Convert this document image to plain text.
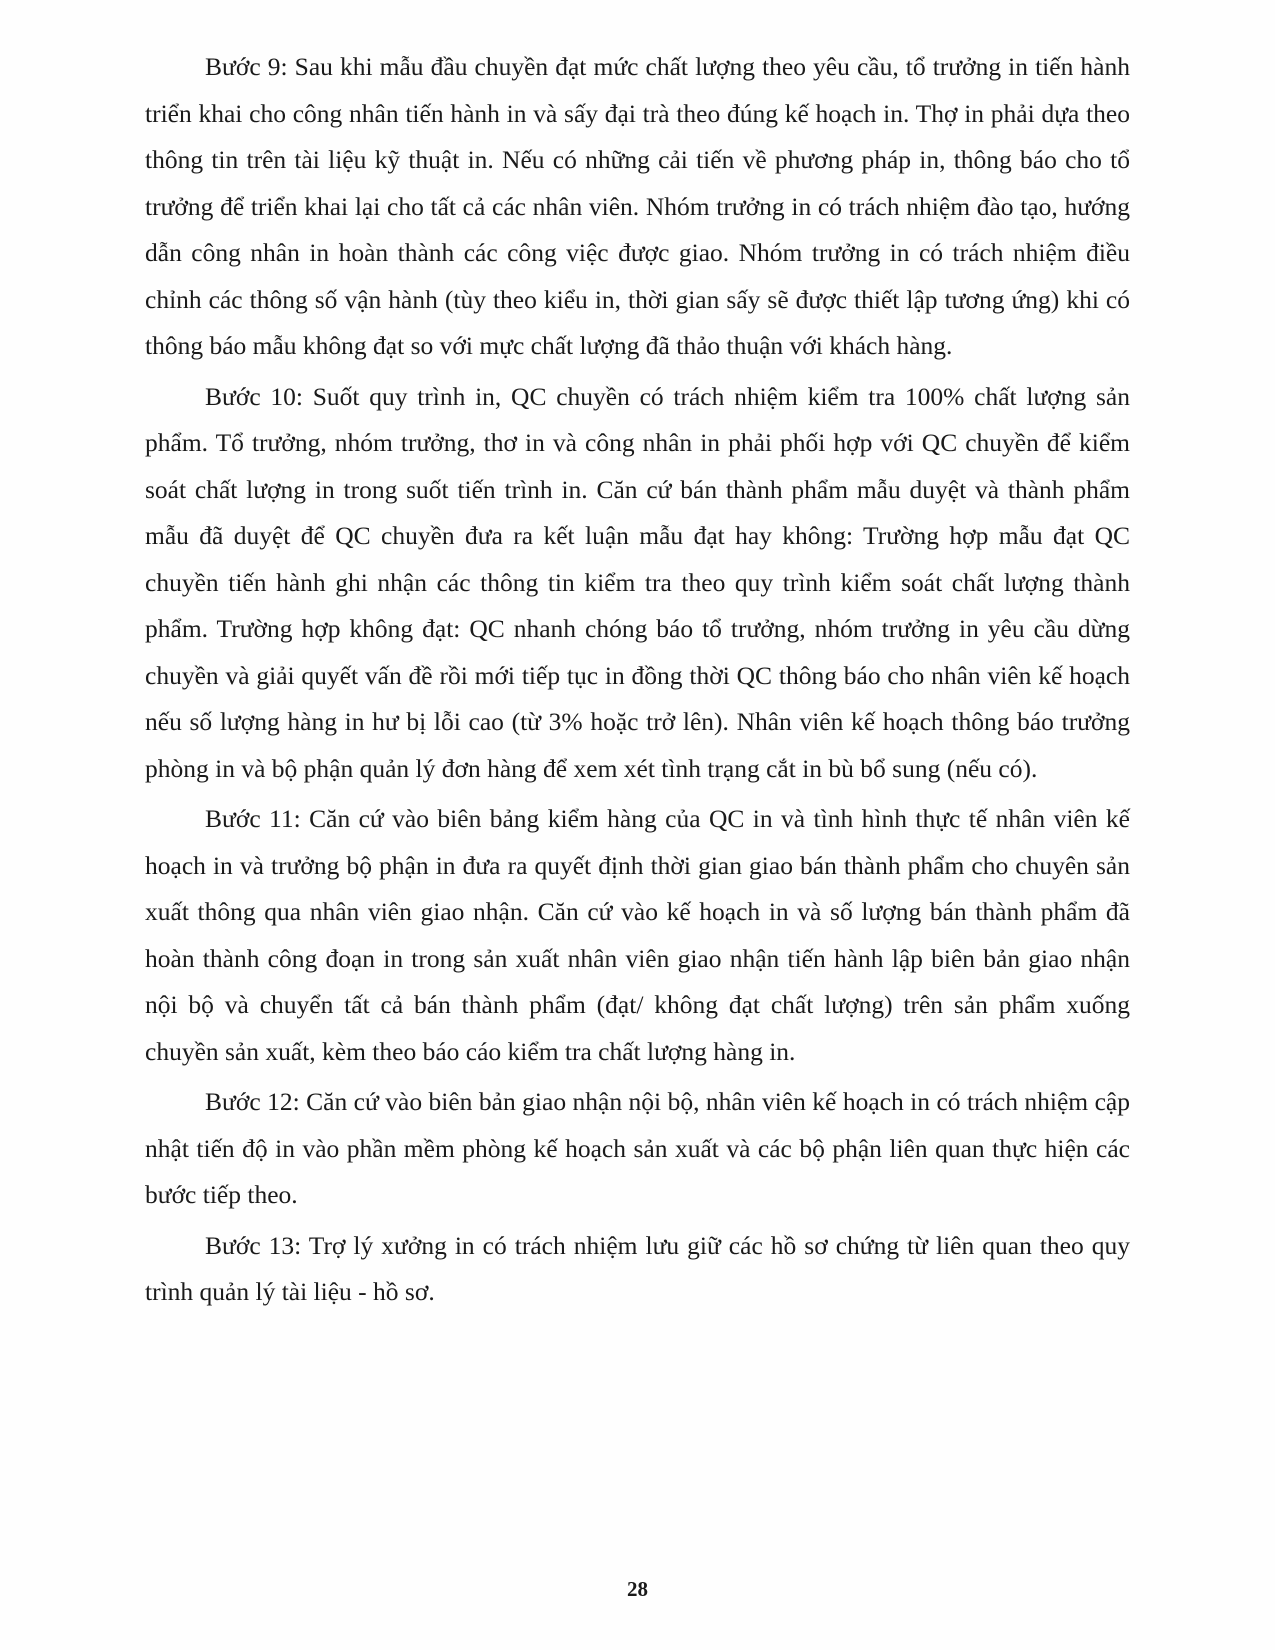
Bước 9: Sau khi mẫu đầu chuyền đạt mức chất lượng theo yêu cầu, tổ trưởng in tiến hành triển khai cho công nhân tiến hành in và sấy đại trà theo đúng kế hoạch in. Thợ in phải dựa theo thông tin trên tài liệu kỹ thuật in. Nếu có những cải tiến về phương pháp in, thông báo cho tổ trưởng để triển khai lại cho tất cả các nhân viên. Nhóm trưởng in có trách nhiệm đào tạo, hướng dẫn công nhân in hoàn thành các công việc được giao. Nhóm trưởng in có trách nhiệm điều chỉnh các thông số vận hành (tùy theo kiểu in, thời gian sấy sẽ được thiết lập tương ứng) khi có thông báo mẫu không đạt so với mực chất lượng đã thảo thuận với khách hàng.

Bước 10: Suốt quy trình in, QC chuyền có trách nhiệm kiểm tra 100% chất lượng sản phẩm. Tổ trưởng, nhóm trưởng, thơ in và công nhân in phải phối hợp với QC chuyền để kiểm soát chất lượng in trong suốt tiến trình in. Căn cứ bán thành phẩm mẫu duyệt và thành phẩm mẫu đã duyệt để QC chuyền đưa ra kết luận mẫu đạt hay không: Trường hợp mẫu đạt QC chuyền tiến hành ghi nhận các thông tin kiểm tra theo quy trình kiểm soát chất lượng thành phẩm. Trường hợp không đạt: QC nhanh chóng báo tổ trưởng, nhóm trưởng in yêu cầu dừng chuyền và giải quyết vấn đề rồi mới tiếp tục in đồng thời QC thông báo cho nhân viên kế hoạch nếu số lượng hàng in hư bị lỗi cao (từ 3% hoặc trở lên). Nhân viên kế hoạch thông báo trưởng phòng in và bộ phận quản lý đơn hàng để xem xét tình trạng cắt in bù bổ sung (nếu có).

Bước 11: Căn cứ vào biên bảng kiểm hàng của QC in và tình hình thực tế nhân viên kế hoạch in và trưởng bộ phận in đưa ra quyết định thời gian giao bán thành phẩm cho chuyên sản xuất thông qua nhân viên giao nhận. Căn cứ vào kế hoạch in và số lượng bán thành phẩm đã hoàn thành công đoạn in trong sản xuất nhân viên giao nhận tiến hành lập biên bản giao nhận nội bộ và chuyển tất cả bán thành phẩm (đạt/ không đạt chất lượng) trên sản phẩm xuống chuyền sản xuất, kèm theo báo cáo kiểm tra chất lượng hàng in.

Bước 12: Căn cứ vào biên bản giao nhận nội bộ, nhân viên kế hoạch in có trách nhiệm cập nhật tiến độ in vào phần mềm phòng kế hoạch sản xuất và các bộ phận liên quan thực hiện các bước tiếp theo.

Bước 13: Trợ lý xưởng in có trách nhiệm lưu giữ các hồ sơ chứng từ liên quan theo quy trình quản lý tài liệu - hồ sơ.

28
